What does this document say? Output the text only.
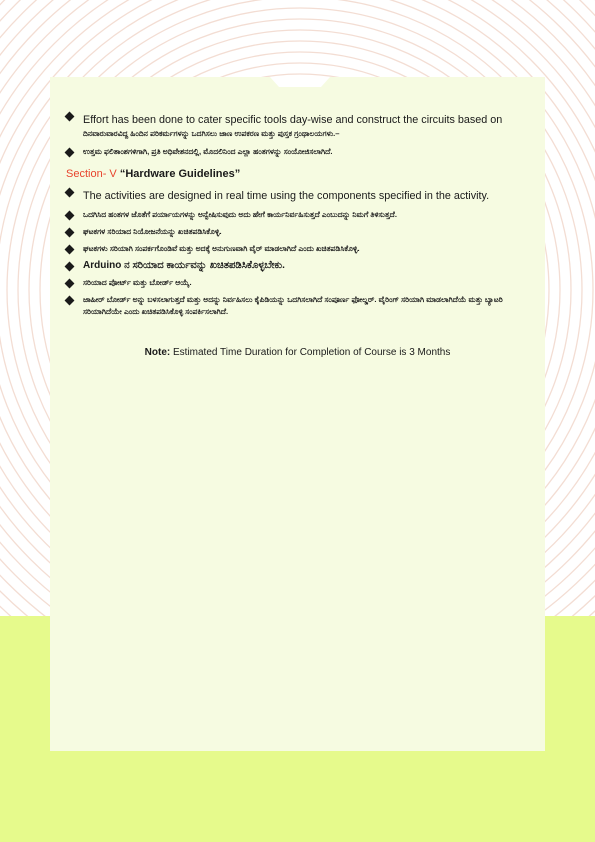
Effort has been done to cater specific tools day-wise and construct the circuits based on
ದಿನವಾರುವಾರವಿದ್ದ ಹಿಂದಿನ ಪರಿಕರ್ಮಗಳನ್ನು ಒದಗಿಸಲು ಜಾಣ ಉಪಕರಣ ಮತ್ತು ಪುಸ್ತಕ ಗ್ರಂಥಾಲಯಗಳು.–
ಉತ್ತಮ ಫಲಿತಾಂಶಗಳಿಗಾಗಿ, ಪ್ರತಿ ಅಧಿವೇಶನದಲ್ಲಿ, ಮೊದಲಿನಿಂದ ಎಲ್ಲಾ ಹಂತಗಳನ್ನು ಸಂಯೋಜಿಸಲಾಗಿದೆ.
Section- V “Hardware Guidelines”
The activities are designed in real time using the components specified in the activity.
ಒದಗಿಸಿದ ಹಂತಗಳ ಜೊತೆಗೆ ಪರ್ಯಾಯಗಳನ್ನು ಅನ್ವೇಷಿಸುವುದು ಅದು ಹೇಗೆ ಕಾರ್ಯನಿರ್ವಹಿಸುತ್ತದೆ ಎಂಬುದನ್ನು ನಿಮಗೆ ತಿಳಿಸುತ್ತದೆ.
ಘಟಕಗಳ ಸರಿಯಾದ ನಿಯೋಜನೆಯನ್ನು ಖಚಿತಪಡಿಸಿಕೊಳ್ಳಿ.
ಘಟಕಗಳು ಸರಿಯಾಗಿ ಸಂಪರ್ಕಗೊಂಡಿವೆ ಮತ್ತು ಅದಕ್ಕೆ ಅನುಗುಣವಾಗಿ ವೈರ್ ಮಾಡಲಾಗಿದೆ ಎಂದು ಖಚಿತಪಡಿಸಿಕೊಳ್ಳಿ.
Arduino ನ ಸರಿಯಾದ ಕಾರ್ಯವನ್ನು ಖಚಿತಪಡಿಸಿಕೊಳ್ಳಬೇಕು.
ಸರಿಯಾದ ಪೋರ್ಟ್ ಮತ್ತು ಬೋರ್ಡ್ ಆಯ್ಕೆ.
ಜಾಹೀರ್ ಬೋರ್ಡ್ ಅನ್ನು ಬಳಸಲಾಗುತ್ತದೆ ಮತ್ತು ಅದನ್ನು ನಿರ್ವಹಿಸಲು ಕೈಪಿಡಿಯನ್ನು ಒದಗಿಸಲಾಗಿದೆ ಸಂಪೂರ್ಣ ಫೋಲ್ಡರ್. ವೈರಿಂಗ್ ಸರಿಯಾಗಿ ಮಾಡಲಾಗಿದೆಯೆ ಮತ್ತು ಬ್ಯಾಟರಿ ಸರಿಯಾಗಿದೆಯೇ ಎಂದು ಖಚಿತಪಡಿಸಿಕೊಳ್ಳಿ ಸಂಪರ್ಕಿಸಲಾಗಿದೆ.
Note: Estimated Time Duration for Completion of Course is 3 Months
